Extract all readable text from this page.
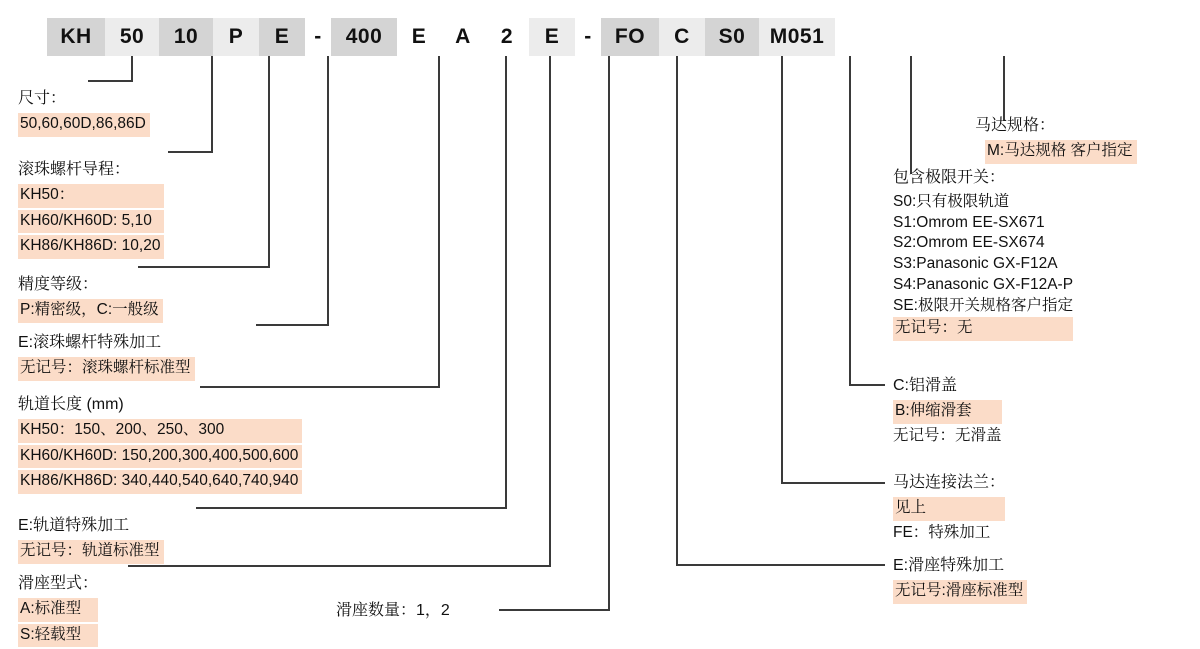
KH	50	10	P	E	-	400	E	A	2	E	-	FO	C	S0	M051
尺寸：
50,60,60D,86,86D
滚珠螺杆导程：
KH50：
KH60/KH60D: 5,10
KH86/KH86D: 10,20
精度等级：
P:精密级，C:一般级
E:滚珠螺杆特殊加工
无记号：滚珠螺杆标准型
轨道长度 (mm)
KH50：150、200、250、300
KH60/KH60D: 150,200,300,400,500,600
KH86/KH86D: 340,440,540,640,740,940
E:轨道特殊加工
无记号：轨道标准型
滑座型式：
A:标准型
S:轻载型
滑座数量：1，2
E:滑座特殊加工
无记号:滑座标准型
马达连接法兰：
见上
FE：特殊加工
C:铝滑盖
B:伸缩滑套
无记号：无滑盖
包含极限开关：
S0:只有极限轨道
S1:Omrom EE-SX671
S2:Omrom EE-SX674
S3:Panasonic GX-F12A
S4:Panasonic GX-F12A-P
SE:极限开关规格客户指定
无记号：无
马达规格：
M:马达规格 客户指定
